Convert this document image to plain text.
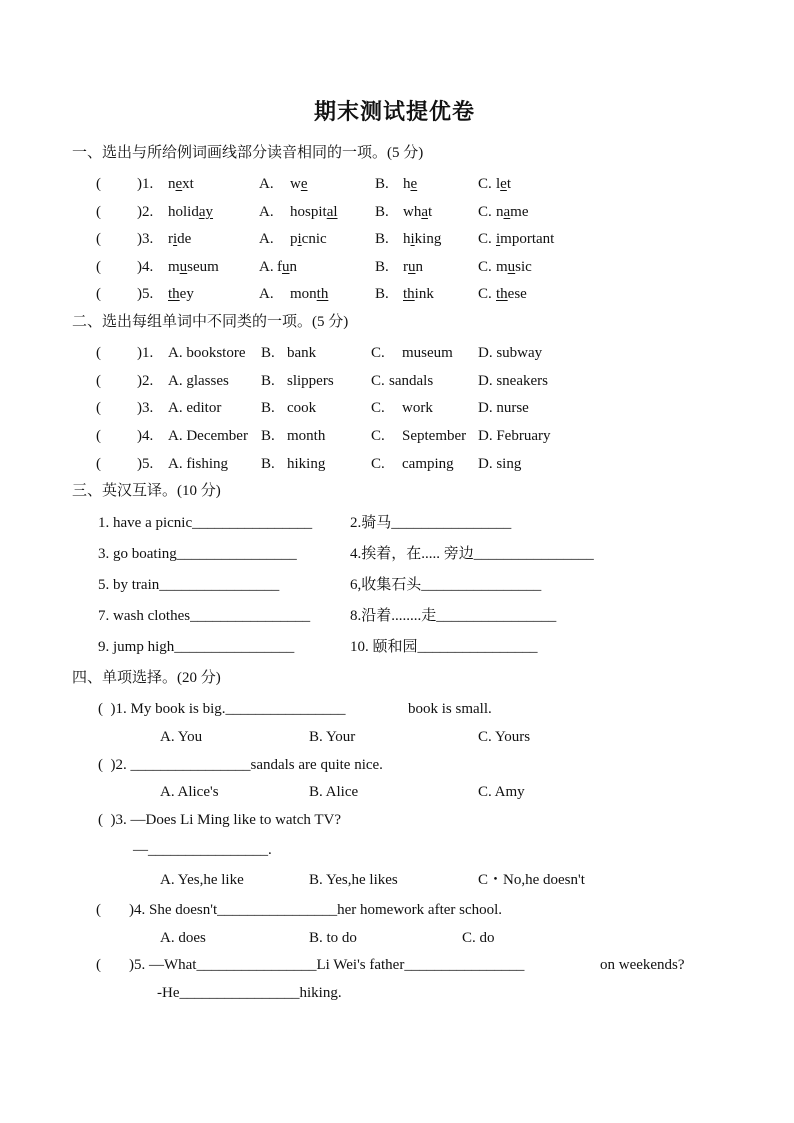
期末测试提优卷
一、选出与所给例词画线部分读音相同的一项。(5 分)
( )1. next	A. we	B. he	C. let
( )2. holiday	A. hospital B. what	C. name
( )3. ride	A. picnic	B. hiking C. important
( )4. museum	A. fun	B. run	C. music
( )5. they	A. month	B. think	C. these
二、选出每组单词中不同类的一项。(5 分)
( )1. A. bookstore B. bank	C. museum D. subway
( )2. A. glasses B. slippers C. sandals	D. sneakers
( )3. A. editor	B. cook	C. work	D. nurse
( )4. A. December B. month	C. September D. February
( )5. A. fishing B. hiking	C. camping D. sing
三、英汉互译。(10 分)
1. have a picnic________________	2.骑马________________
3. go boating________________	4.挨着，在..... 旁边________________
5. by train________________	6,收集石头________________
7. wash clothes________________	8.沿着........走________________
9. jump high________________	10. 颐和园________________
四、单项选择。(20 分)
(  )1. My book is big.________________	book is small.
A. You	B. Your	C. Yours
(  )2. ________________sandals are quite nice.
A. Alice's	B. Alice	C. Amy
(  )3. —Does Li Ming like to watch TV?
—________________.
A. Yes,he like	B. Yes,he likes	C・No,he doesn't
( )4. She doesn't________________her homework after school.
A. does	B. to do	C. do
( )5. —What________________Li Wei's father________________	on weekends?
-He________________hiking.
